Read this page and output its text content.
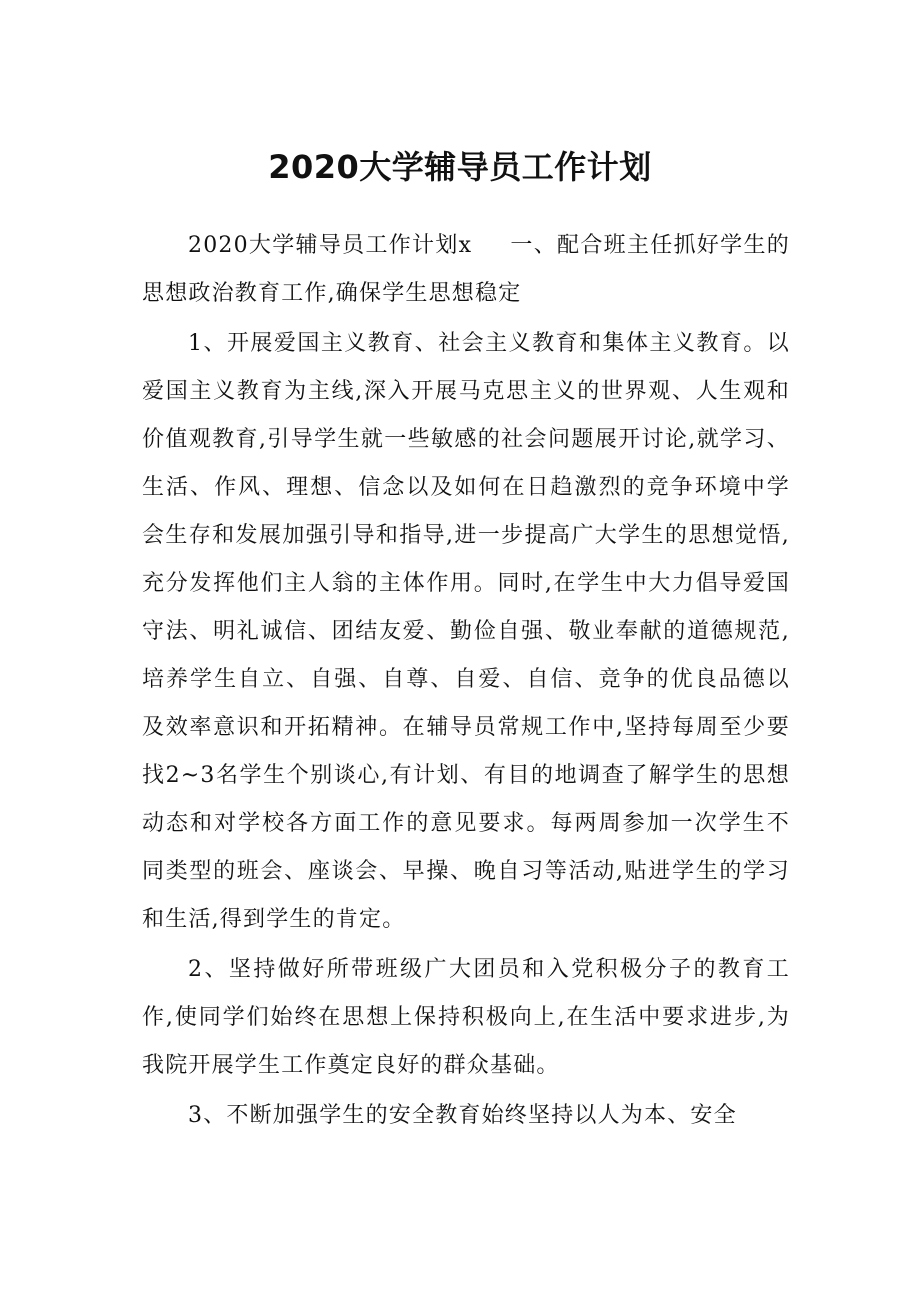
2020大学辅导员工作计划

2020大学辅导员工作计划x 一、配合班主任抓好学生的思想政治教育工作,确保学生思想稳定

1、开展爱国主义教育、社会主义教育和集体主义教育。以爱国主义教育为主线,深入开展马克思主义的世界观、人生观和价值观教育,引导学生就一些敏感的社会问题展开讨论,就学习、生活、作风、理想、信念以及如何在日趋激烈的竞争环境中学会生存和发展加强引导和指导,进一步提高广大学生的思想觉悟,充分发挥他们主人翁的主体作用。同时,在学生中大力倡导爱国守法、明礼诚信、团结友爱、勤俭自强、敬业奉献的道德规范,培养学生自立、自强、自尊、自爱、自信、竞争的优良品德以及效率意识和开拓精神。在辅导员常规工作中,坚持每周至少要找2~3名学生个别谈心,有计划、有目的地调查了解学生的思想动态和对学校各方面工作的意见要求。每两周参加一次学生不同类型的班会、座谈会、早操、晚自习等活动,贴进学生的学习和生活,得到学生的肯定。

2、坚持做好所带班级广大团员和入党积极分子的教育工作,使同学们始终在思想上保持积极向上,在生活中要求进步,为我院开展学生工作奠定良好的群众基础。

3、不断加强学生的安全教育始终坚持以人为本、安全
